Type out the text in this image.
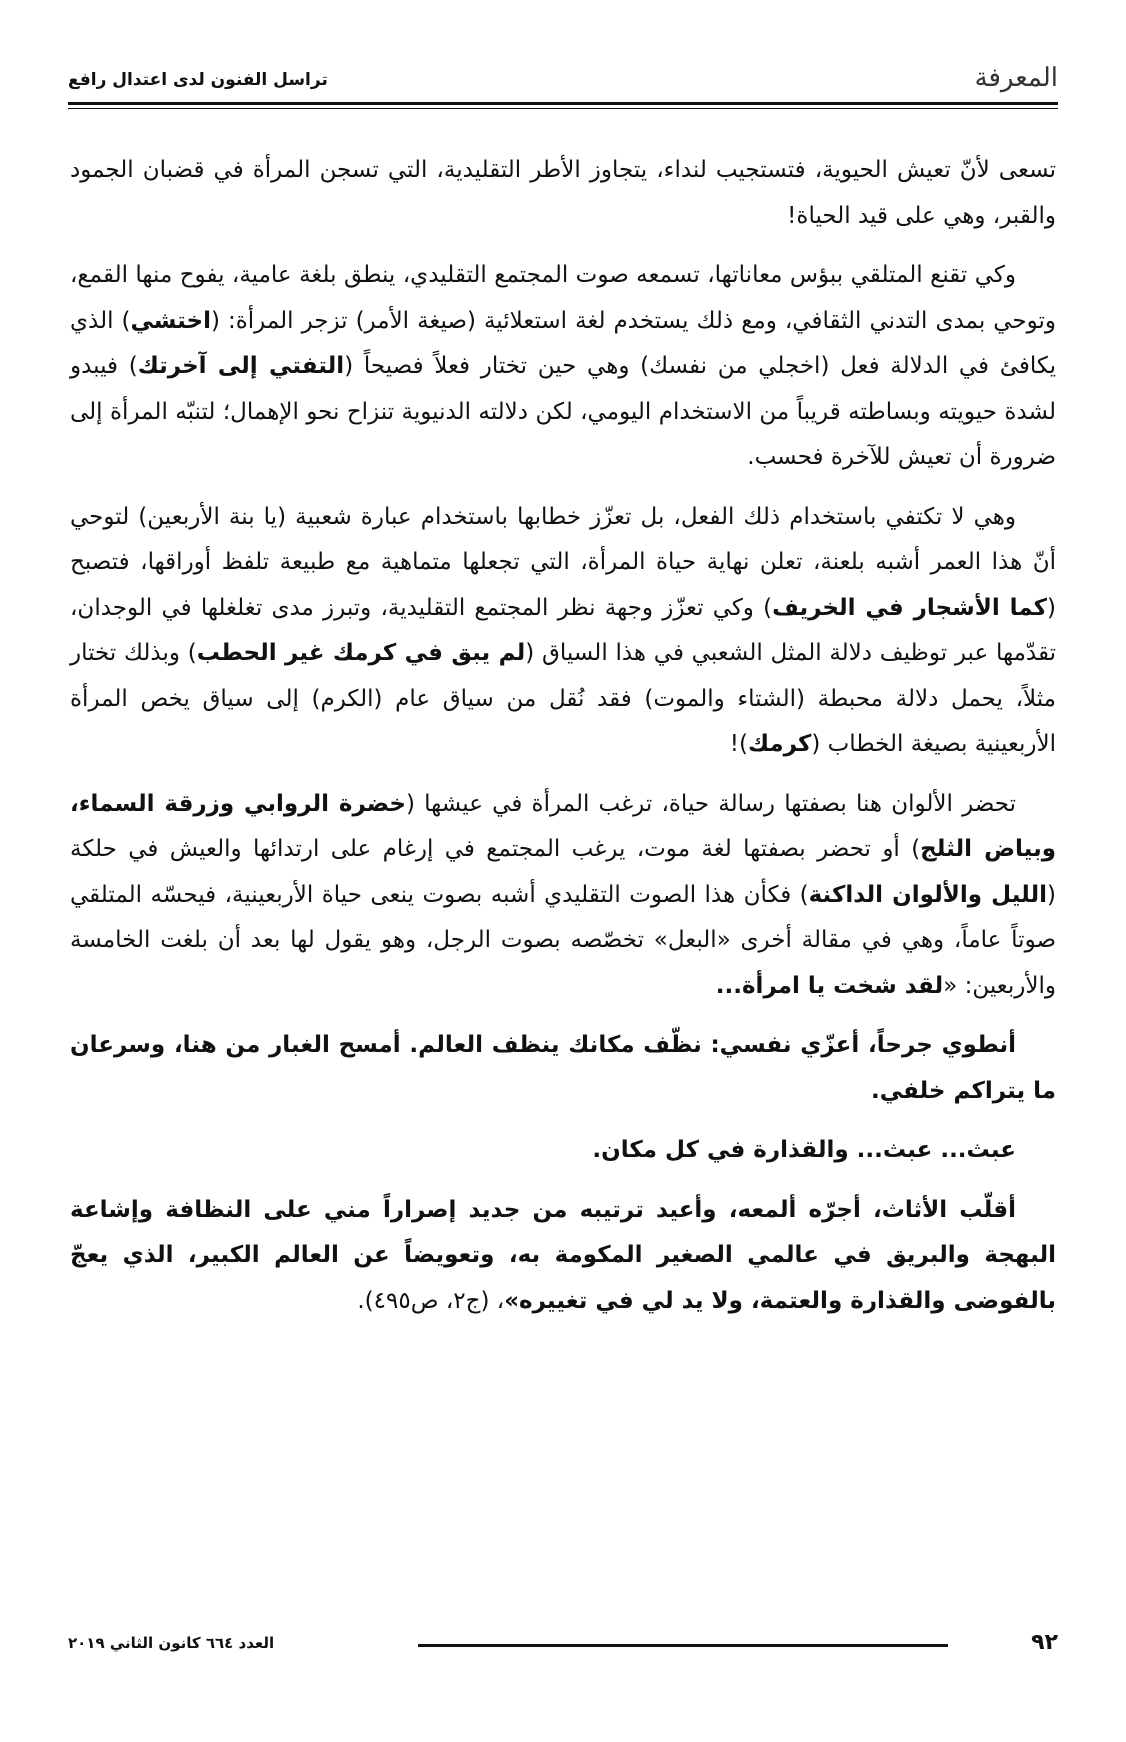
المعرفة
تراسل الفنون لدى اعتدال رافع

تسعى لأنّ تعيش الحيوية، فتستجيب لنداء، يتجاوز الأطر التقليدية، التي تسجن المرأة في قضبان الجمود والقبر، وهي على قيد الحياة!

وكي تقنع المتلقي ببؤس معاناتها، تسمعه صوت المجتمع التقليدي، ينطق بلغة عامية، يفوح منها القمع، وتوحي بمدى التدني الثقافي، ومع ذلك يستخدم لغة استعلائية (صيغة الأمر) تزجر المرأة: (اختشي) الذي يكافئ في الدلالة فعل (اخجلي من نفسك) وهي حين تختار فعلاً فصيحاً (التفتي إلى آخرتك) فيبدو لشدة حيويته وبساطته قريباً من الاستخدام اليومي، لكن دلالته الدنيوية تنزاح نحو الإهمال؛ لتنبّه المرأة إلى ضرورة أن تعيش للآخرة فحسب.

وهي لا تكتفي باستخدام ذلك الفعل، بل تعزّز خطابها باستخدام عبارة شعبية (يا بنة الأربعين) لتوحي أنّ هذا العمر أشبه بلعنة، تعلن نهاية حياة المرأة، التي تجعلها متماهية مع طبيعة تلفظ أوراقها، فتصبح (كما الأشجار في الخريف) وكي تعزّز وجهة نظر المجتمع التقليدية، وتبرز مدى تغلغلها في الوجدان، تقدّمها عبر توظيف دلالة المثل الشعبي في هذا السياق (لم يبق في كرمك غير الحطب) وبذلك تختار مثلاً، يحمل دلالة محبطة (الشتاء والموت) فقد نُقل من سياق عام (الكرم) إلى سياق يخص المرأة الأربعينية بصيغة الخطاب (كرمك)!

تحضر الألوان هنا بصفتها رسالة حياة، ترغب المرأة في عيشها (خضرة الروابي وزرقة السماء، وبياض الثلج) أو تحضر بصفتها لغة موت، يرغب المجتمع في إرغام على ارتدائها والعيش في حلكة (الليل والألوان الداكنة) فكأن هذا الصوت التقليدي أشبه بصوت ينعى حياة الأربعينية، فيحسّه المتلقي صوتاً عاماً، وهي في مقالة أخرى «البعل» تخصّصه بصوت الرجل، وهو يقول لها بعد أن بلغت الخامسة والأربعين: «لقد شخت يا امرأة...

أنطوي جرحاً، أعزّي نفسي: نظّف مكانك ينظف العالم. أمسح الغبار من هنا، وسرعان ما يتراكم خلفي.

عبث... عبث... والقذارة في كل مكان.

أقلّب الأثاث، أجرّه ألمعه، وأعيد ترتيبه من جديد إصراراً مني على النظافة وإشاعة البهجة والبريق في عالمي الصغير المكومة به، وتعويضاً عن العالم الكبير، الذي يعجّ بالفوضى والقذارة والعتمة، ولا يد لي في تغييره»، (ج٢، ص٤٩٥).

٩٢
العدد ٦٦٤ كانون الثاني ٢٠١٩
